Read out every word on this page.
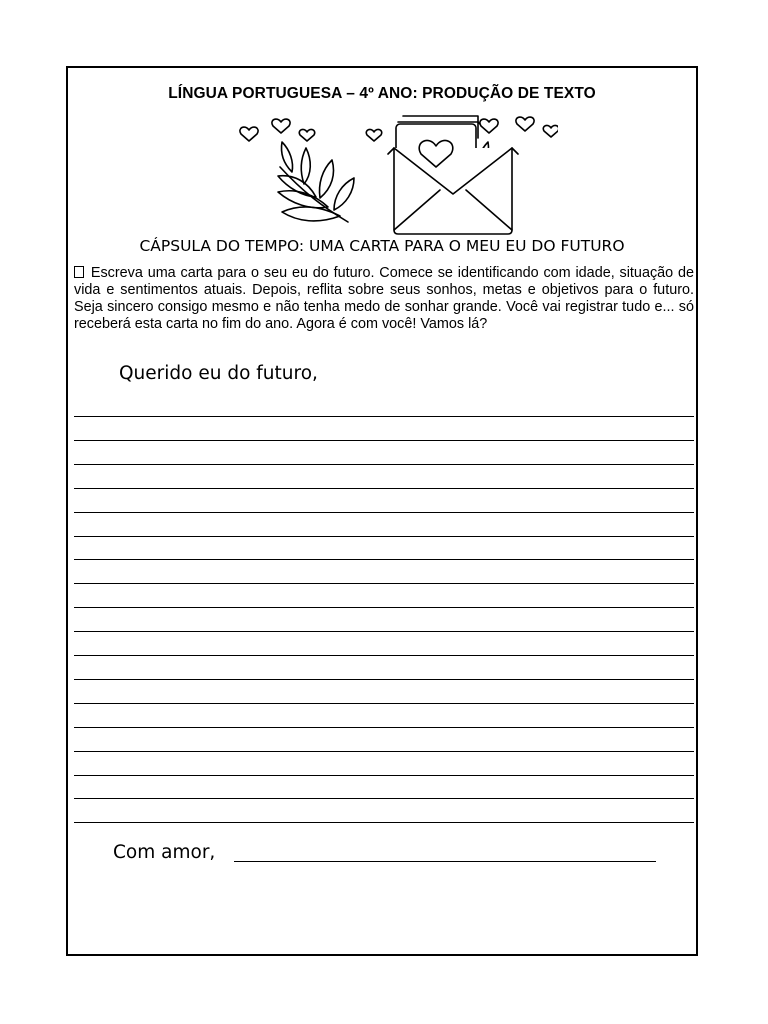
LÍNGUA PORTUGUESA – 4º ANO: PRODUÇÃO DE TEXTO
CÁPSULA DO TEMPO: UMA CARTA PARA O MEU EU DO FUTURO
Escreva uma carta para o seu eu do futuro. Comece se identificando com idade, situação de vida e sentimentos atuais. Depois, reflita sobre seus sonhos, metas e objetivos para o futuro. Seja sincero consigo mesmo e não tenha medo de sonhar grande. Você vai registrar tudo e... só receberá esta carta no fim do ano. Agora é com você! Vamos lá?
Querido eu do futuro,
Com amor,
